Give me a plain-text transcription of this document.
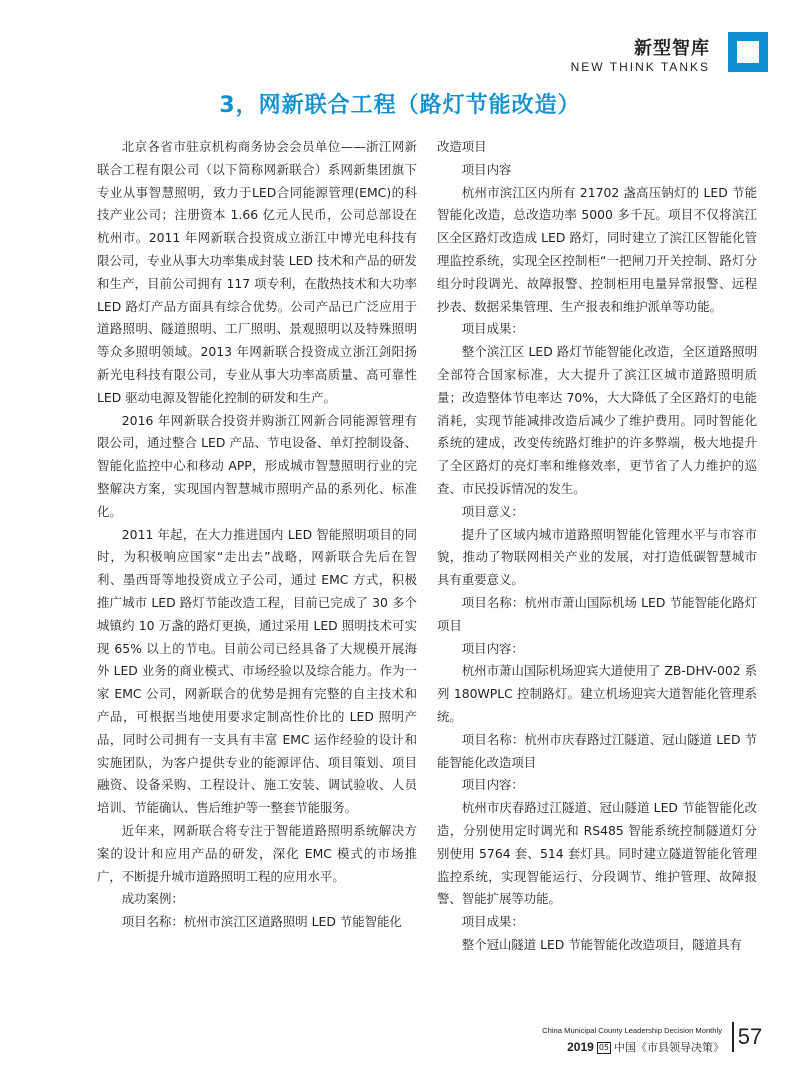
新型智库
NEW THINK TANKS
3，网新联合工程（路灯节能改造）

北京各省市驻京机构商务协会会员单位——浙江网新联合工程有限公司（以下简称网新联合）系网新集团旗下专业从事智慧照明，致力于LED合同能源管理(EMC)的科技产业公司；注册资本 1.66 亿元人民币，公司总部设在杭州市。2011 年网新联合投资成立浙江中博光电科技有限公司，专业从事大功率集成封装 LED 技术和产品的研发和生产，目前公司拥有 117 项专利，在散热技术和大功率 LED 路灯产品方面具有综合优势。公司产品已广泛应用于道路照明、隧道照明、工厂照明、景观照明以及特殊照明等众多照明领域。2013 年网新联合投资成立浙江剑阳扬新光电科技有限公司，专业从事大功率高质量、高可靠性 LED 驱动电源及智能化控制的研发和生产。

2016 年网新联合投资并购浙江网新合同能源管理有限公司，通过整合 LED 产品、节电设备、单灯控制设备、智能化监控中心和移动 APP，形成城市智慧照明行业的完整解决方案，实现国内智慧城市照明产品的系列化、标准化。

2011 年起，在大力推进国内 LED 智能照明项目的同时，为积极响应国家“走出去”战略，网新联合先后在智利、墨西哥等地投资成立子公司，通过 EMC 方式，积极推广城市 LED 路灯节能改造工程，目前已完成了 30 多个城镇约 10 万盏的路灯更换，通过采用 LED 照明技术可实现 65% 以上的节电。目前公司已经具备了大规模开展海外 LED 业务的商业模式、市场经验以及综合能力。作为一家 EMC 公司，网新联合的优势是拥有完整的自主技术和产品，可根据当地使用要求定制高性价比的 LED 照明产品，同时公司拥有一支具有丰富 EMC 运作经验的设计和实施团队，为客户提供专业的能源评估、项目策划、项目融资、设备采购、工程设计、施工安装、调试验收、人员培训、节能确认、售后维护等一整套节能服务。

近年来，网新联合将专注于智能道路照明系统解决方案的设计和应用产品的研发，深化 EMC 模式的市场推广，不断提升城市道路照明工程的应用水平。

成功案例：

项目名称：杭州市滨江区道路照明 LED 节能智能化

改造项目

项目内容

杭州市滨江区内所有 21702 盏高压钠灯的 LED 节能智能化改造，总改造功率 5000 多千瓦。项目不仅将滨江区全区路灯改造成 LED 路灯，同时建立了滨江区智能化管理监控系统，实现全区控制柜“一把闸刀开关控制、路灯分组分时段调光、故障报警、控制柜用电量异常报警、远程抄表、数据采集管理、生产报表和维护派单等功能。

项目成果：

整个滨江区 LED 路灯节能智能化改造，全区道路照明全部符合国家标准，大大提升了滨江区城市道路照明质量；改造整体节电率达 70%，大大降低了全区路灯的电能消耗，实现节能减排改造后减少了维护费用。同时智能化系统的建成，改变传统路灯维护的许多弊端，极大地提升了全区路灯的亮灯率和维修效率，更节省了人力维护的巡查、市民投诉情况的发生。

项目意义：

提升了区域内城市道路照明智能化管理水平与市容市貌，推动了物联网相关产业的发展，对打造低碳智慧城市具有重要意义。

项目名称：杭州市萧山国际机场 LED 节能智能化路灯项目

项目内容：

杭州市萧山国际机场迎宾大道使用了 ZB-DHV-002 系列 180WPLC 控制路灯。建立机场迎宾大道智能化管理系统。

项目名称：杭州市庆春路过江隧道、冠山隧道 LED 节能智能化改造项目

项目内容：

杭州市庆春路过江隧道、冠山隧道 LED 节能智能化改造，分别使用定时调光和 RS485 智能系统控制隧道灯分别使用 5764 套、514 套灯具。同时建立隧道智能化管理监控系统，实现智能运行、分段调节、维护管理、故障报警、智能扩展等功能。

项目成果：

整个冠山隧道 LED 节能智能化改造项目，隧道具有

China Municipal County Leadership Decision Monthly
2019 05 中国《市县领导决策》 57
